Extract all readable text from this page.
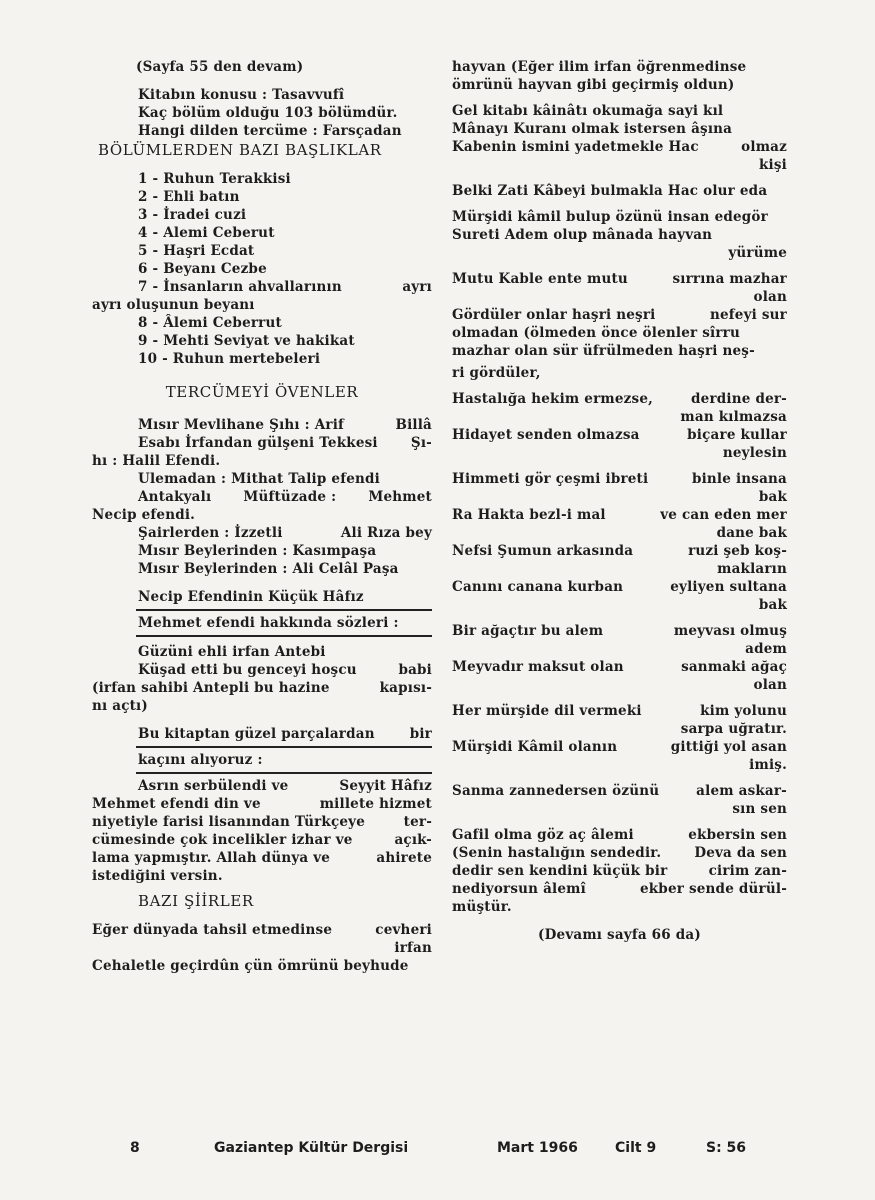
(Sayfa 55 den devam)
Kitabın konusu : Tasavvufî
Kaç bölüm olduğu 103 bölümdür.
Hangi dilden tercüme : Farsçadan
BÖLÜMLERDEN BAZI BAŞLIKLAR
1 - Ruhun Terakkisi
2 - Ehli batın
3 - İradei cuzi
4 - Alemi Ceberut
5 - Haşri Ecdat
6 - Beyanı Cezbe
7 - İnsanların ahvallarının	ayrı
ayrı oluşunun beyanı
8 - Âlemi Ceberrut
9 - Mehti Seviyat ve hakikat
10 - Ruhun mertebeleri
TERCÜMEYİ ÖVENLER
Mısır Mevlihane Şıhı : Arif	Billâ
Esabı İrfandan gülşeni Tekkesi Şı-
hı : Halil Efendi.
Ulemadan : Mithat Talip efendi
Antakyalı Müftüzade : Mehmet
Necip efendi.
Şairlerden : İzzetli	Ali Rıza bey
Mısır Beylerinden : Kasımpaşa
Mısır Beylerinden : Ali Celâl Paşa
Necip Efendinin Küçük Hâfız
Mehmet efendi hakkında sözleri :
Güzüni ehli irfan Antebi
Küşad etti bu genceyi hoşcu	babi
(irfan sahibi Antepli bu hazine	kapısı-
nı açtı)
Bu kitaptan güzel parçalardan	bir
kaçını alıyoruz :
Asrın serbülendi ve	Seyyit Hâfız
Mehmet efendi din ve	millete hizmet
niyetiyle farisi lisanından Türkçeye	ter-
cümesinde çok incelikler izhar ve	açık-
lama yapmıştır. Allah dünya ve	ahirete
istediğini versin.
BAZI ŞİİRLER
Eğer dünyada tahsil etmedinse	cevheri
irfan
Cehaletle geçirdûn çün ömrünü beyhude
hayvan (Eğer ilim irfan öğrenmedinse
ömrünü hayvan gibi geçirmiş oldun)
Gel kitabı kâinâtı okumağa sayi kıl
Mânayı Kuranı olmak istersen âşına
Kabenin ismini yadetmekle Hac	olmaz
kişi
Belki Zati Kâbeyi bulmakla Hac olur eda
Mürşidi kâmil bulup özünü insan edegör
Sureti Adem olup mânada hayvan
yürüme
Mutu Kable ente mutu	sırrına mazhar
olan
Gördüler onlar haşri neşri	nefeyi sur
olmadan (ölmeden önce ölenler sîrru
mazhar olan sür üfrülmeden haşri neş-
ri gördüler,
Hastalığa hekim ermezse,	derdine der-
man kılmazsa
Hidayet senden olmazsa	biçare kullar
neylesin
Himmeti gör çeşmi ibreti	binle insana
bak
Ra Hakta bezl-i mal	ve can eden mer
dane bak
Nefsi Şumun arkasında	ruzi şeb koş-
makların
Canını canana kurban	eyliyen sultana
bak
Bir ağaçtır bu alem	meyvası olmuş
adem
Meyvadır maksut olan	sanmaki ağaç
olan
Her mürşide dil vermeki	kim yolunu
sarpa uğratır.
Mürşidi Kâmil olanın	gittiği yol asan
imiş.
Sanma zannedersen özünü	alem askar-
sın sen
Gafil olma göz aç âlemi	ekbersin sen
(Senin hastalığın sendedir. Deva da sen
dedir sen kendini küçük bir	cirim zan-
nediyorsun âlemî	ekber sende dürül-
müştür.
(Devamı sayfa 66 da)
8	Gaziantep Kültür Dergisi	Mart 1966	Cilt 9	S: 56
